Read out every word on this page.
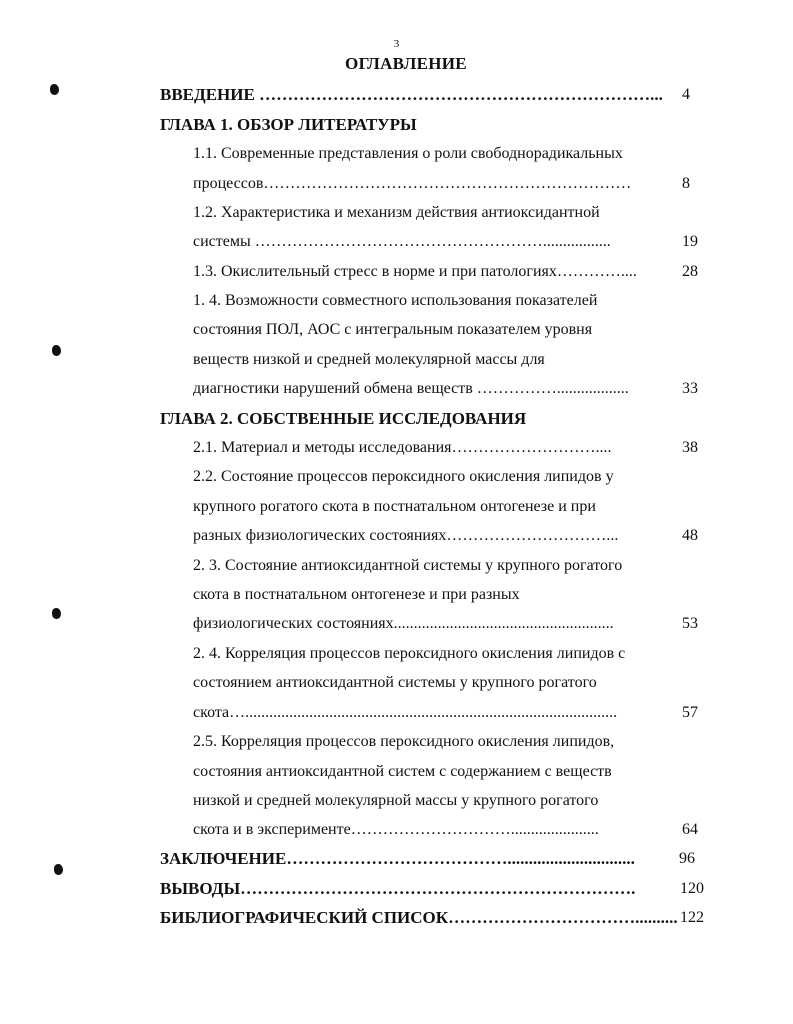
3
ОГЛАВЛЕНИЕ
ВВЕДЕНИЕ ……………………………………………………………...	4
ГЛАВА 1. ОБЗОР ЛИТЕРАТУРЫ
1.1. Современные представления о роли свободнорадикальных
процессов……………………………………………………………	8
1.2. Характеристика и механизм действия антиоксидантной
системы ……………………………………………….................	19
1.3. Окислительный стресс в норме и при патологиях…………....	28
1. 4. Возможности совместного использования показателей
состояния ПОЛ, АОС с интегральным показателем уровня
веществ низкой и средней молекулярной массы для
диагностики нарушений обмена веществ ……………..................	33
ГЛАВА 2. СОБСТВЕННЫЕ ИССЛЕДОВАНИЯ
2.1. Материал и методы исследования………………………....	38
2.2. Состояние процессов пероксидного окисления липидов у
крупного рогатого скота в постнатальном онтогенезе и при
разных физиологических состояниях…………………………...	48
2. 3. Состояние антиоксидантной системы у крупного рогатого
скота в постнатальном онтогенезе и при разных
физиологических состояниях.......................................................	53
2. 4. Корреляция процессов пероксидного окисления липидов с
состоянием антиоксидантной системы у крупного рогатого
скота….............................................................................................	57
2.5. Корреляция процессов пероксидного окисления липидов,
состояния антиоксидантной систем с содержанием с веществ
низкой и средней молекулярной массы у крупного рогатого
скота и в эксперименте…………………………......................	64
ЗАКЛЮЧЕНИЕ…………………………………..............................	96
ВЫВОДЫ…………………………………………………………….	120
БИБЛИОГРАФИЧЕСКИЙ СПИСОК…………………………….......... 122
